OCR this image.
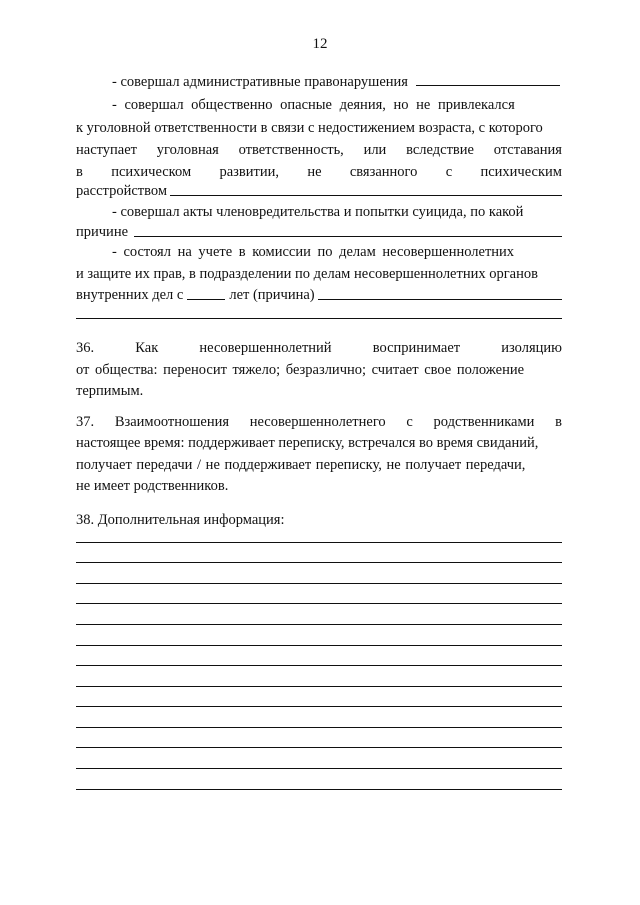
12
- совершал административные правонарушения
- совершал общественно опасные деяния, но не привлекался
к уголовной ответственности в связи с недостижением возраста, с которого
наступает уголовная ответственность, или вследствие отставания
в психическом развитии, не связанного с психическим
расстройством
- совершал акты членовредительства и попытки суицида, по какой
причине
- состоял на учете в комиссии по делам несовершеннолетних
и защите их прав, в подразделении по делам несовершеннолетних органов
внутренних дел с	лет (причина)
36.	Как	несовершеннолетний	воспринимает	изоляцию
от общества: переносит тяжело; безразлично; считает свое положение
терпимым.
37. Взаимоотношения несовершеннолетнего с родственниками в
настоящее время: поддерживает переписку, встречался во время свиданий,
получает передачи / не поддерживает переписку, не получает передачи,
не имеет родственников.
38. Дополнительная информация:
